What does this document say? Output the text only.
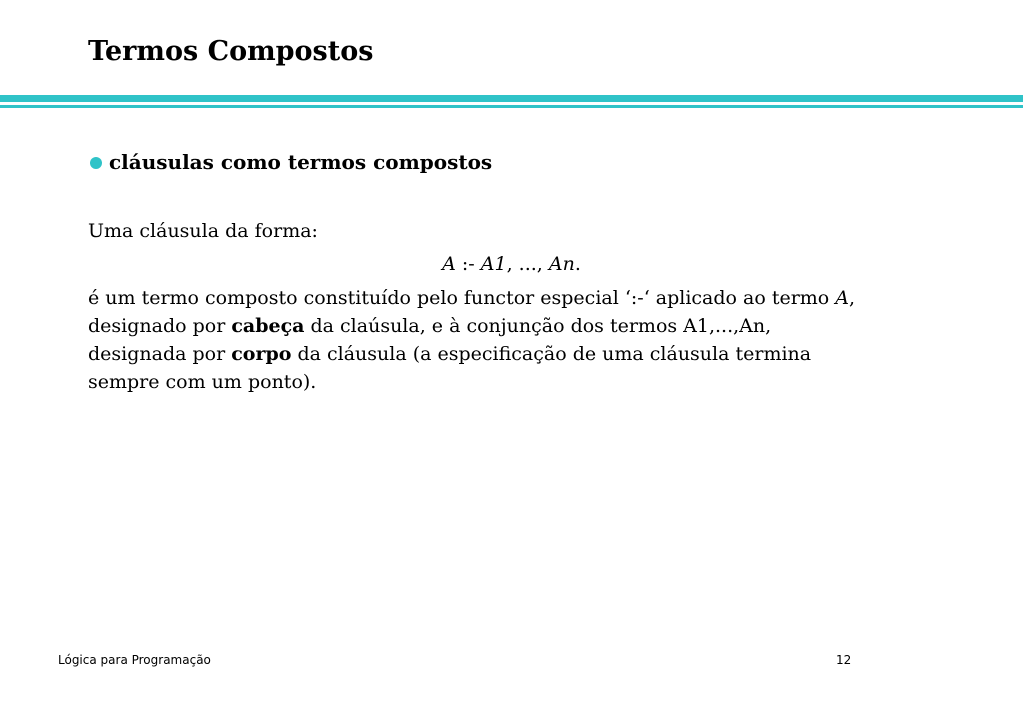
Termos Compostos
cláusulas como termos compostos
Uma cláusula da forma:
A :- A1, ..., An.
é um termo composto constituído pelo functor especial ‘:-‘ aplicado ao termo A,
designado por cabeça da claúsula, e à conjunção dos termos A1,...,An,
designada por corpo da cláusula (a especificação de uma cláusula termina
sempre com um ponto).
Lógica para Programação	12
